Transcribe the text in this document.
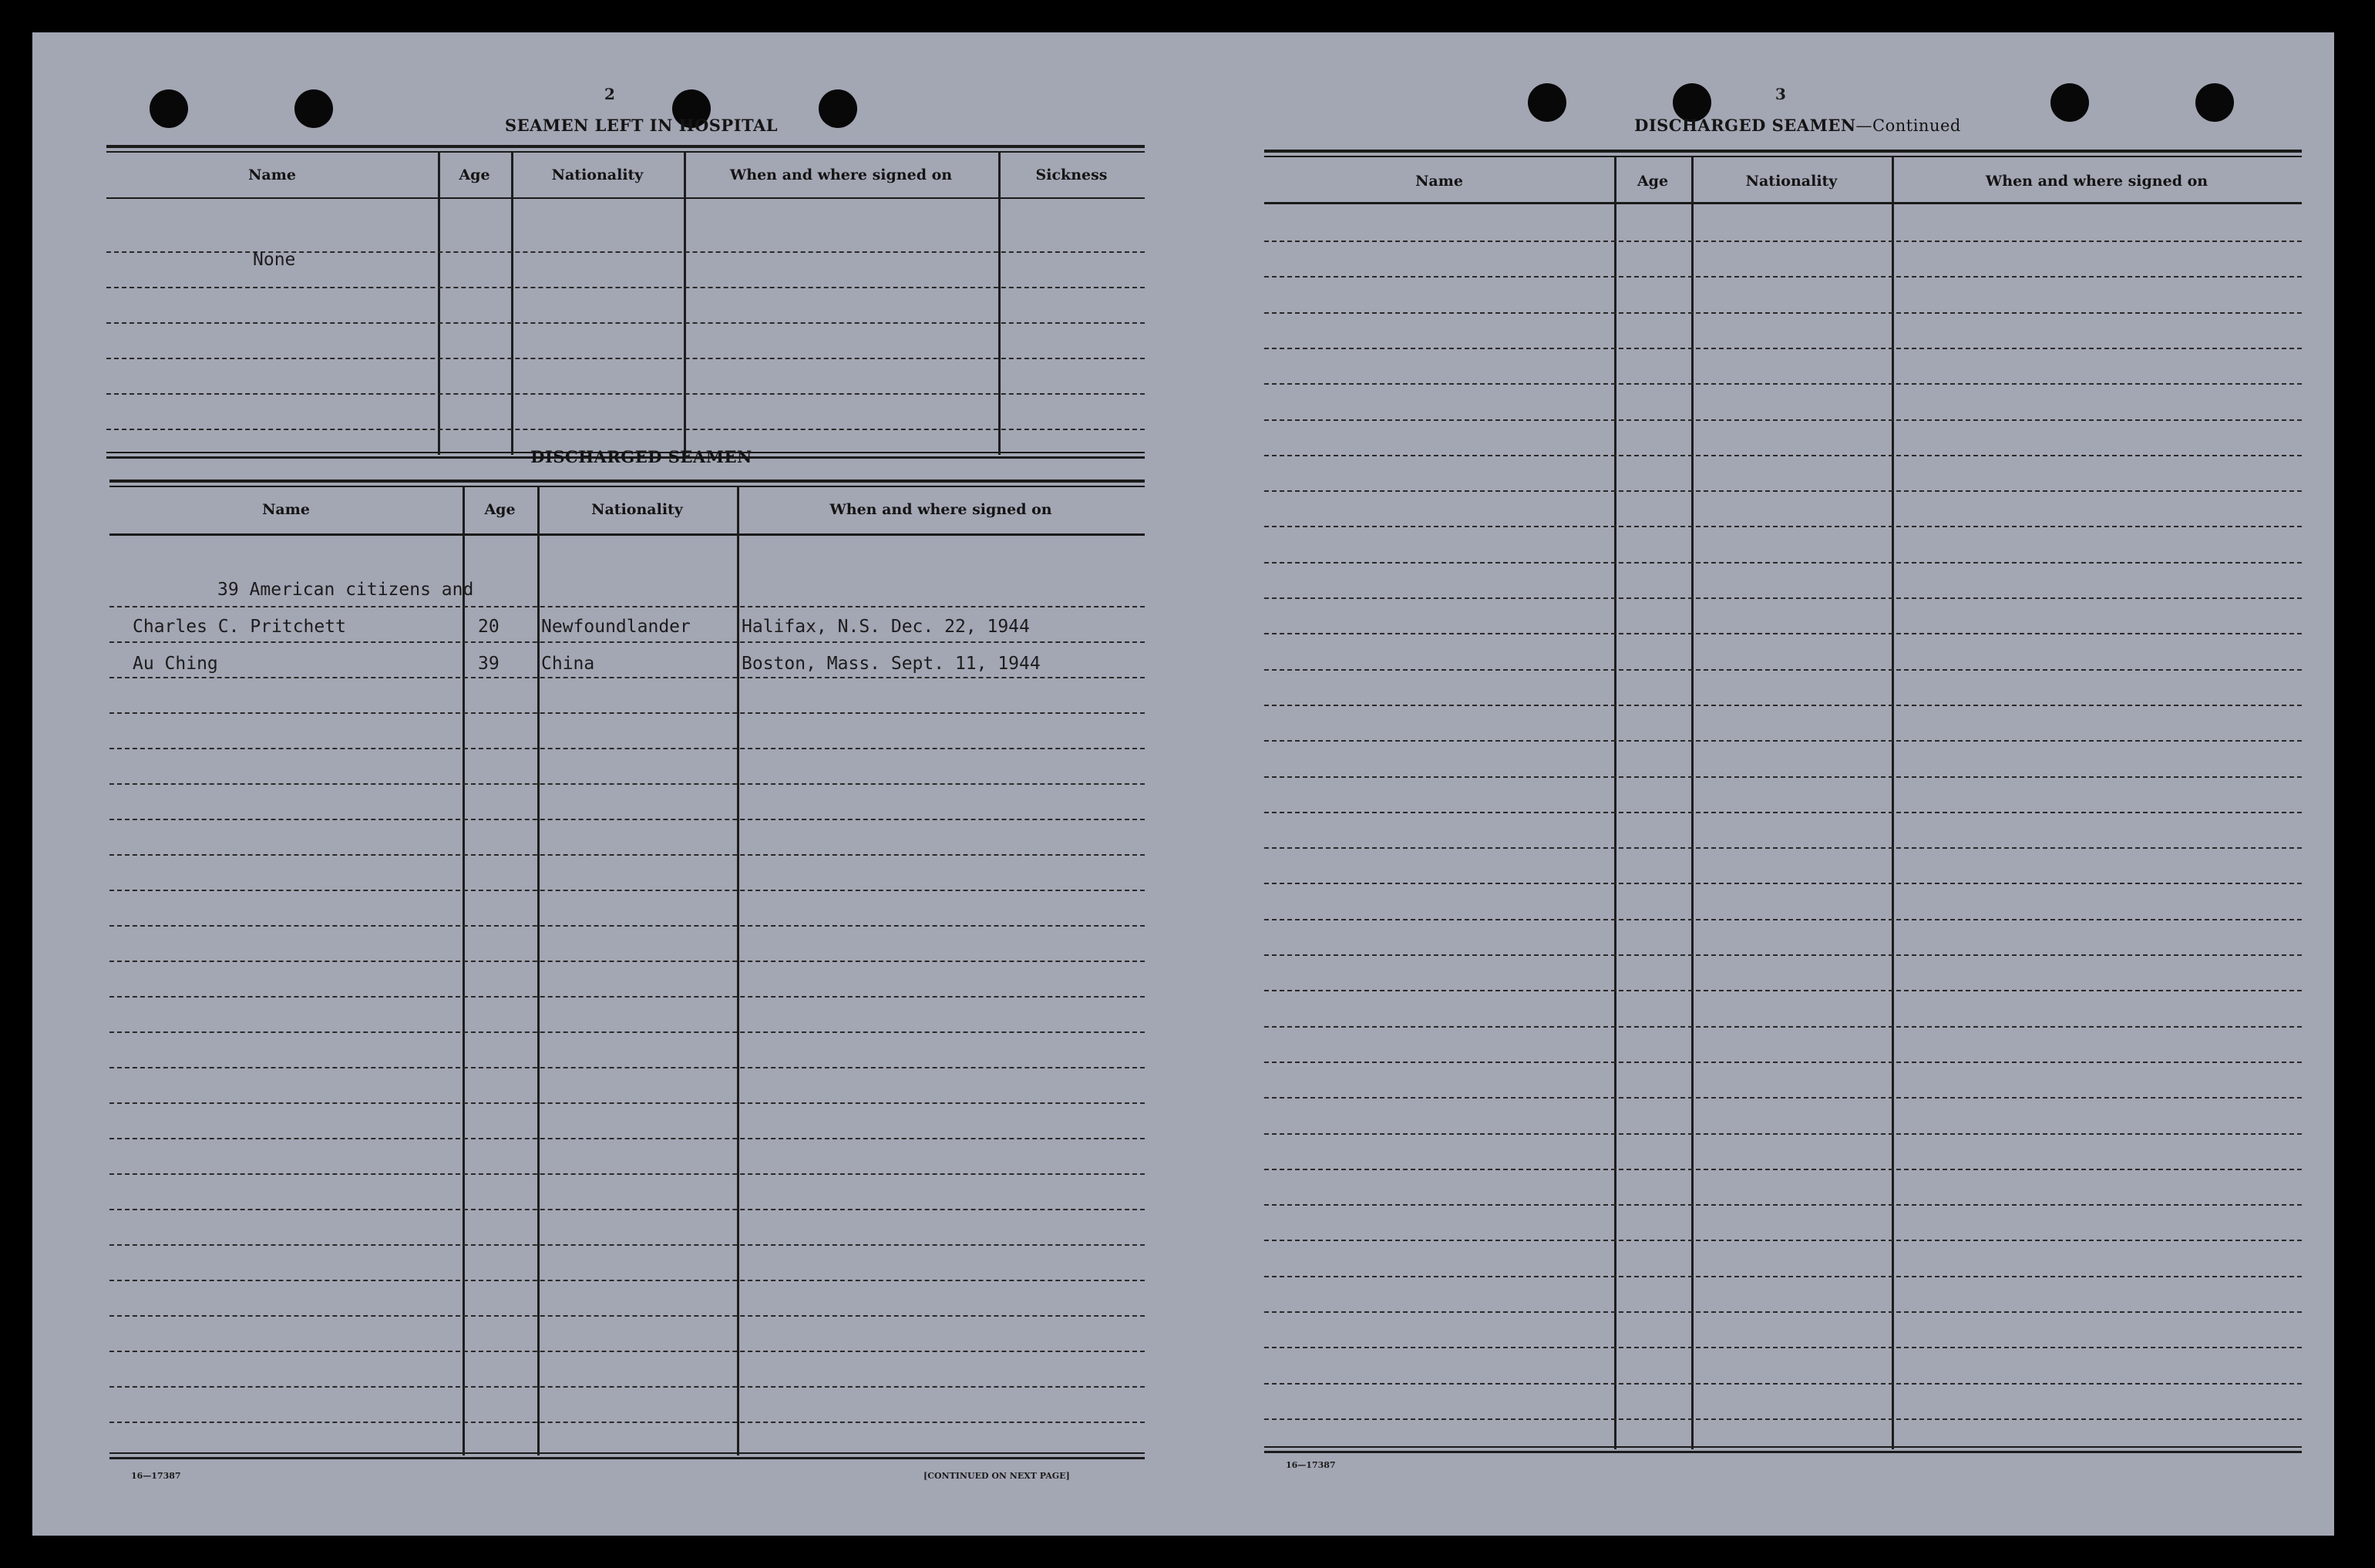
2
SEAMEN LEFT IN HOSPITAL
Name	Age	Nationality	When and where signed on	Sickness
None
DISCHARGED SEAMEN
Name	Age	Nationality	When and where signed on
39 American citizens and
Charles C. Pritchett	20 Newfoundlander	Halifax, N.S. Dec. 22, 1944
Au Ching	39 China	Boston, Mass. Sept. 11, 1944
16—17387	[CONTINUED ON NEXT PAGE]
3
DISCHARGED SEAMEN—Continued
Name	Age	Nationality	When and where signed on
16—17387
